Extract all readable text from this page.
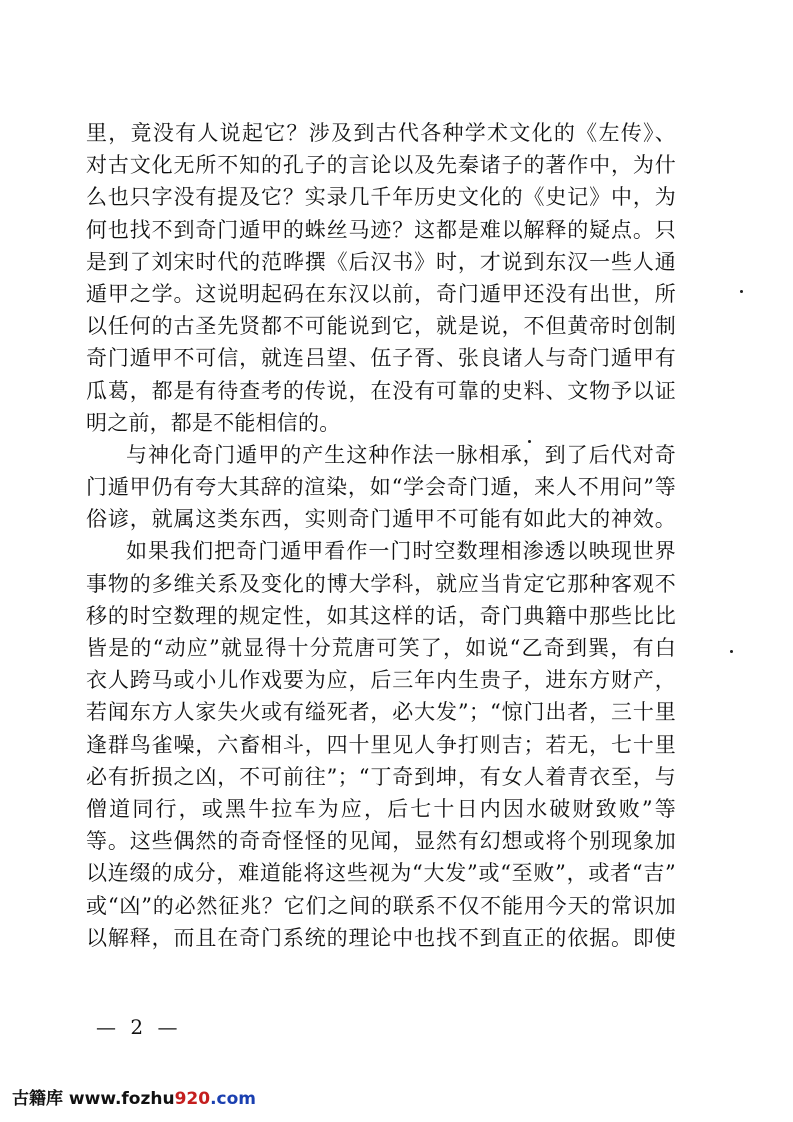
里，竟没有人说起它？涉及到古代各种学术文化的《左传》、
对古文化无所不知的孔子的言论以及先秦诸子的著作中，为什
么也只字没有提及它？实录几千年历史文化的《史记》中，为
何也找不到奇门遁甲的蛛丝马迹？这都是难以解释的疑点。只
是到了刘宋时代的范晔撰《后汉书》时，才说到东汉一些人通
遁甲之学。这说明起码在东汉以前，奇门遁甲还没有出世，所
以任何的古圣先贤都不可能说到它，就是说，不但黄帝时创制
奇门遁甲不可信，就连吕望、伍子胥、张良诸人与奇门遁甲有
瓜葛，都是有待查考的传说，在没有可靠的史料、文物予以证
明之前，都是不能相信的。
与神化奇门遁甲的产生这种作法一脉相承，到了后代对奇
门遁甲仍有夸大其辞的渲染，如“学会奇门遁，来人不用问”等
俗谚，就属这类东西，实则奇门遁甲不可能有如此大的神效。
如果我们把奇门遁甲看作一门时空数理相渗透以映现世界
事物的多维关系及变化的博大学科，就应当肯定它那种客观不
移的时空数理的规定性，如其这样的话，奇门典籍中那些比比
皆是的“动应”就显得十分荒唐可笑了，如说“乙奇到巽，有白
衣人跨马或小儿作戏要为应，后三年内生贵子，进东方财产，
若闻东方人家失火或有缢死者，必大发”；“惊门出者，三十里
逢群鸟雀噪，六畜相斗，四十里见人争打则吉；若无，七十里
必有折损之凶，不可前往”；“丁奇到坤，有女人着青衣至，与
僧道同行，或黑牛拉车为应，后七十日内因水破财致败”等
等。这些偶然的奇奇怪怪的见闻，显然有幻想或将个别现象加
以连缀的成分，难道能将这些视为“大发”或“至败”，或者“吉”
或“凶”的必然征兆？它们之间的联系不仅不能用今天的常识加
以解释，而且在奇门系统的理论中也找不到直正的依据。即使
— 2 —
古籍库 www.fozhu920.com
